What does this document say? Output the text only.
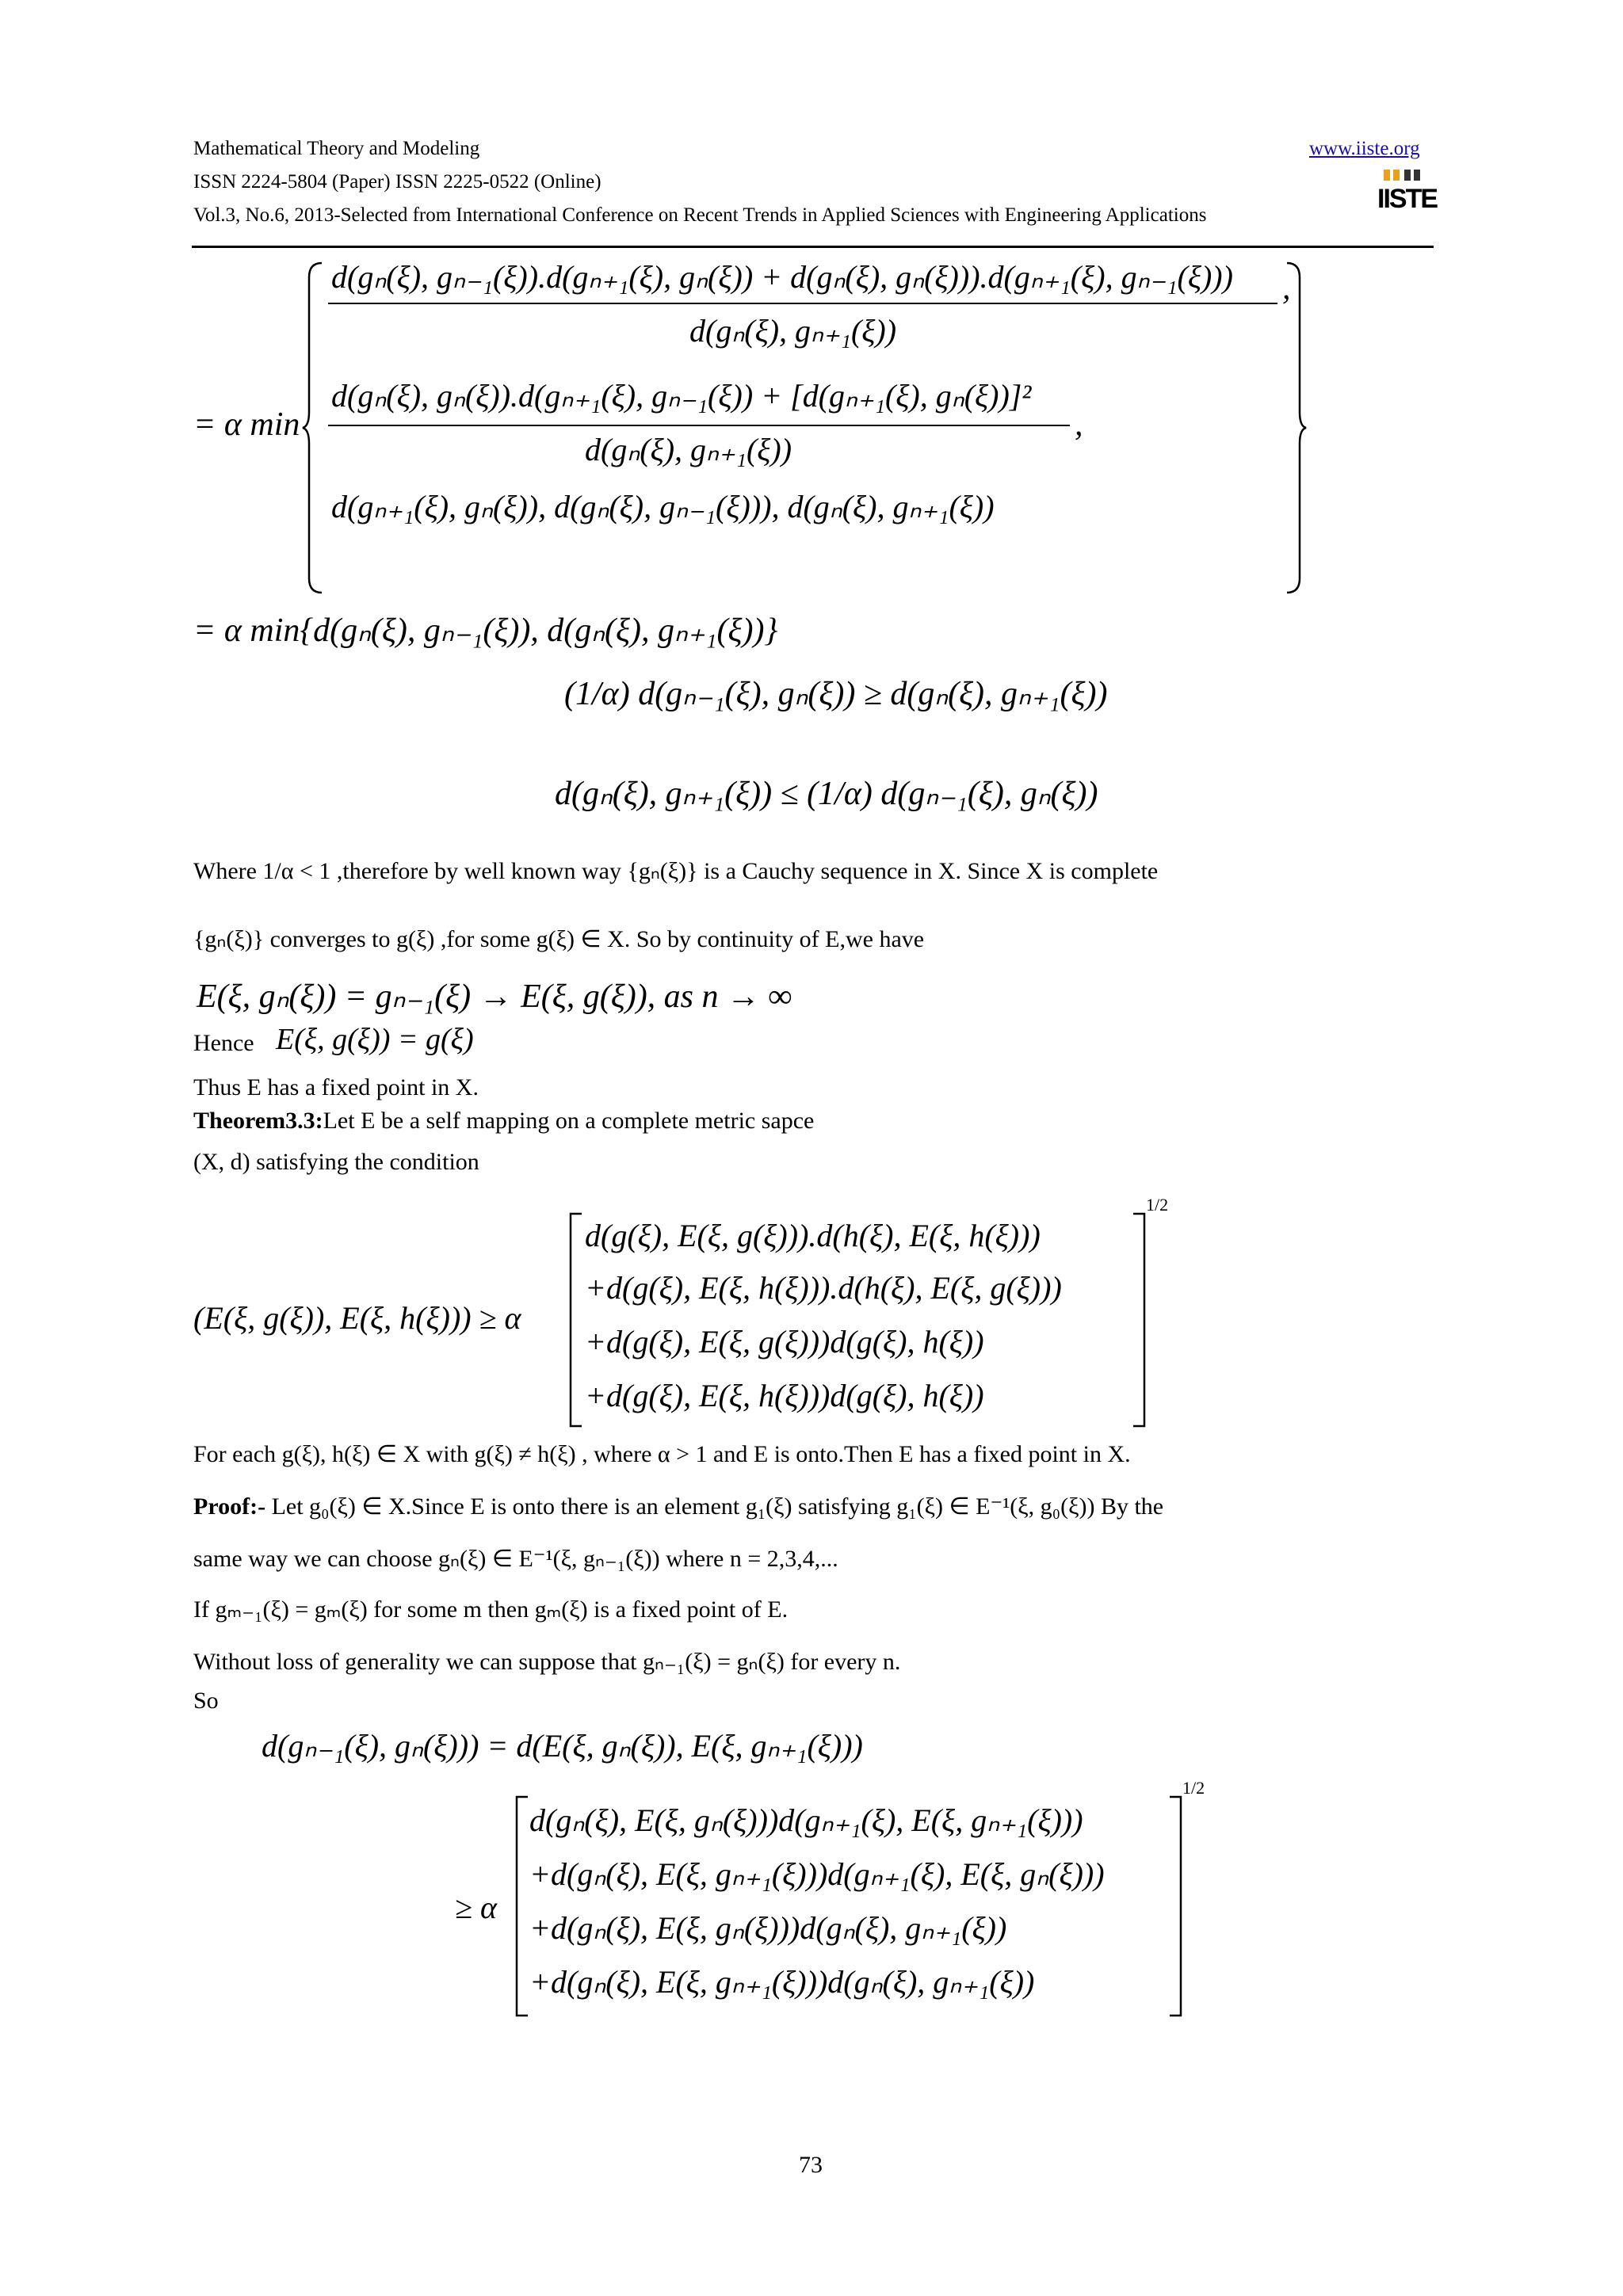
Mathematical Theory and Modeling
ISSN 2224-5804 (Paper) ISSN 2225-0522 (Online)
Vol.3, No.6, 2013-Selected from International Conference on Recent Trends in Applied Sciences with Engineering Applications
www.iiste.org
IISTE
= α min
d(gₙ(ξ), gₙ₋₁(ξ)).d(gₙ₊₁(ξ), gₙ(ξ)) + d(gₙ(ξ), gₙ(ξ))).d(gₙ₊₁(ξ), gₙ₋₁(ξ)))
d(gₙ(ξ), gₙ₊₁(ξ))
,
d(gₙ(ξ), gₙ(ξ)).d(gₙ₊₁(ξ), gₙ₋₁(ξ)) + [d(gₙ₊₁(ξ), gₙ(ξ))]²
d(gₙ(ξ), gₙ₊₁(ξ))
,
d(gₙ₊₁(ξ), gₙ(ξ)), d(gₙ(ξ), gₙ₋₁(ξ))), d(gₙ(ξ), gₙ₊₁(ξ))
= α min{d(gₙ(ξ), gₙ₋₁(ξ)), d(gₙ(ξ), gₙ₊₁(ξ))}
(1/α) d(gₙ₋₁(ξ), gₙ(ξ)) ≥ d(gₙ(ξ), gₙ₊₁(ξ))
d(gₙ(ξ), gₙ₊₁(ξ)) ≤ (1/α) d(gₙ₋₁(ξ), gₙ(ξ))
Where 1/α < 1 ,therefore by well known way {gₙ(ξ)} is a Cauchy sequence in X. Since X is complete
{gₙ(ξ)} converges to g(ξ) ,for some g(ξ) ∈ X. So by continuity of E,we have
E(ξ, gₙ(ξ)) = gₙ₋₁(ξ) → E(ξ, g(ξ)), as n → ∞
Hence E(ξ, g(ξ)) = g(ξ)
Thus E has a fixed point in X.
Theorem3.3:Let E be a self mapping on a complete metric sapce
(X, d) satisfying the condition
(E(ξ, g(ξ)), E(ξ, h(ξ))) ≥ α
d(g(ξ), E(ξ, g(ξ))).d(h(ξ), E(ξ, h(ξ)))
+d(g(ξ), E(ξ, h(ξ))).d(h(ξ), E(ξ, g(ξ)))
+d(g(ξ), E(ξ, g(ξ)))d(g(ξ), h(ξ))
+d(g(ξ), E(ξ, h(ξ)))d(g(ξ), h(ξ))
1/2
For each g(ξ), h(ξ) ∈ X with g(ξ) ≠ h(ξ) , where α > 1 and E is onto.Then E has a fixed point in X.
Proof:- Let g₀(ξ) ∈ X.Since E is onto there is an element g₁(ξ) satisfying g₁(ξ) ∈ E⁻¹(ξ, g₀(ξ)) By the
same way we can choose gₙ(ξ) ∈ E⁻¹(ξ, gₙ₋₁(ξ)) where n = 2,3,4,...
If gₘ₋₁(ξ) = gₘ(ξ) for some m then gₘ(ξ) is a fixed point of E.
Without loss of generality we can suppose that gₙ₋₁(ξ) = gₙ(ξ) for every n.
So
d(gₙ₋₁(ξ), gₙ(ξ))) = d(E(ξ, gₙ(ξ)), E(ξ, gₙ₊₁(ξ)))
≥ α
d(gₙ(ξ), E(ξ, gₙ(ξ)))d(gₙ₊₁(ξ), E(ξ, gₙ₊₁(ξ)))
+d(gₙ(ξ), E(ξ, gₙ₊₁(ξ)))d(gₙ₊₁(ξ), E(ξ, gₙ(ξ)))
+d(gₙ(ξ), E(ξ, gₙ(ξ)))d(gₙ(ξ), gₙ₊₁(ξ))
+d(gₙ(ξ), E(ξ, gₙ₊₁(ξ)))d(gₙ(ξ), gₙ₊₁(ξ))
1/2
73
